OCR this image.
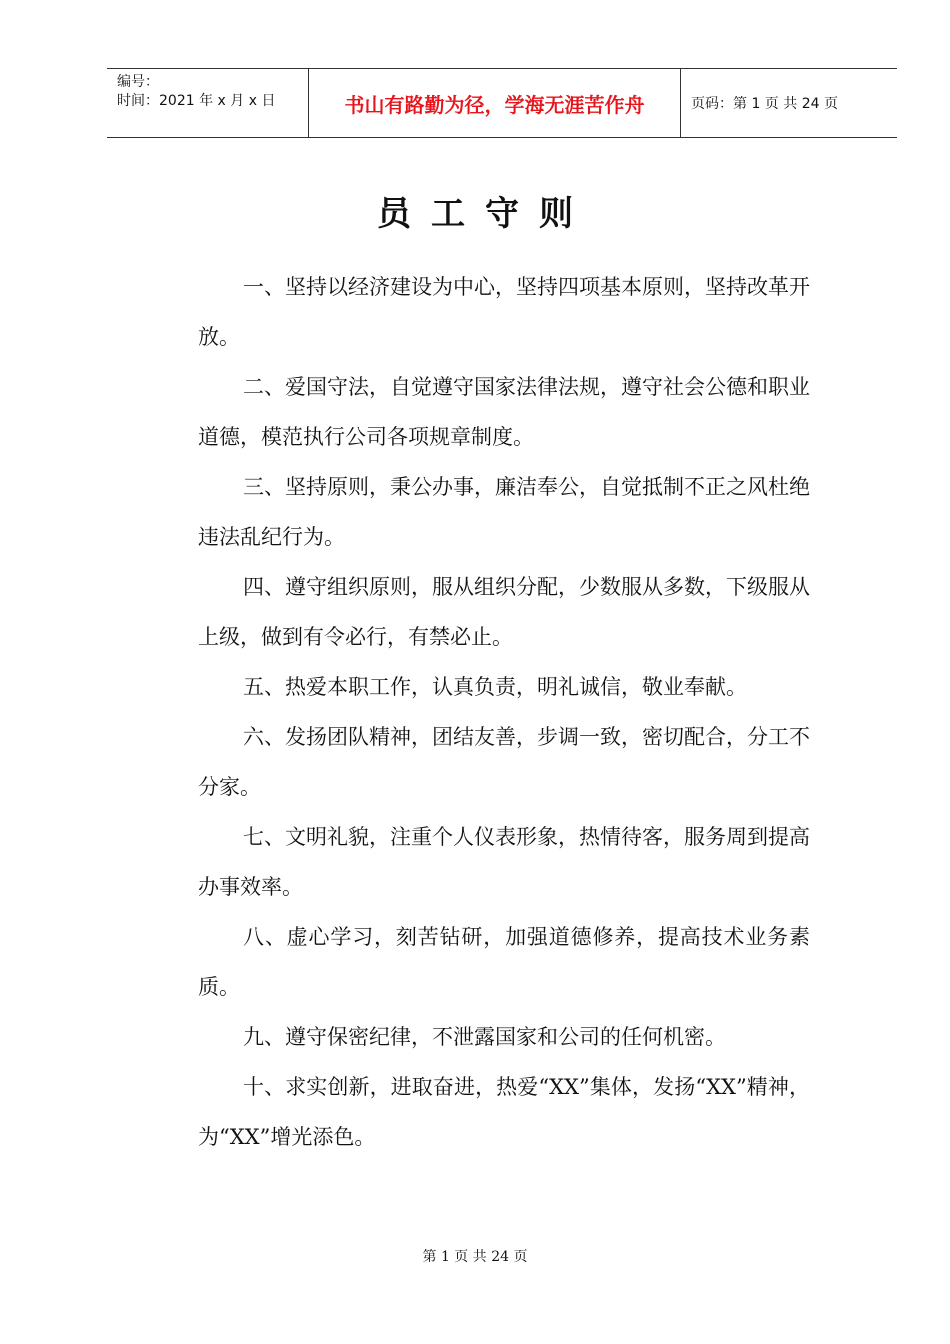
编号：
时间：2021 年 x 月 x 日	书山有路勤为径，学海无涯苦作舟	页码：第 1 页 共 24 页
员工守则

一、坚持以经济建设为中心，坚持四项基本原则，坚持改革开放。

二、爱国守法，自觉遵守国家法律法规，遵守社会公德和职业道德，模范执行公司各项规章制度。

三、坚持原则，秉公办事，廉洁奉公，自觉抵制不正之风杜绝违法乱纪行为。

四、遵守组织原则，服从组织分配，少数服从多数，下级服从上级，做到有令必行，有禁必止。

五、热爱本职工作，认真负责，明礼诚信，敬业奉献。

六、发扬团队精神，团结友善，步调一致，密切配合，分工不分家。

七、文明礼貌，注重个人仪表形象，热情待客，服务周到提高办事效率。

八、虚心学习，刻苦钻研，加强道德修养，提高技术业务素质。

九、遵守保密纪律，不泄露国家和公司的任何机密。

十、求实创新，进取奋进，热爱“XX”集体，发扬“XX”精神，为“XX”增光添色。

第 1 页 共 24 页
